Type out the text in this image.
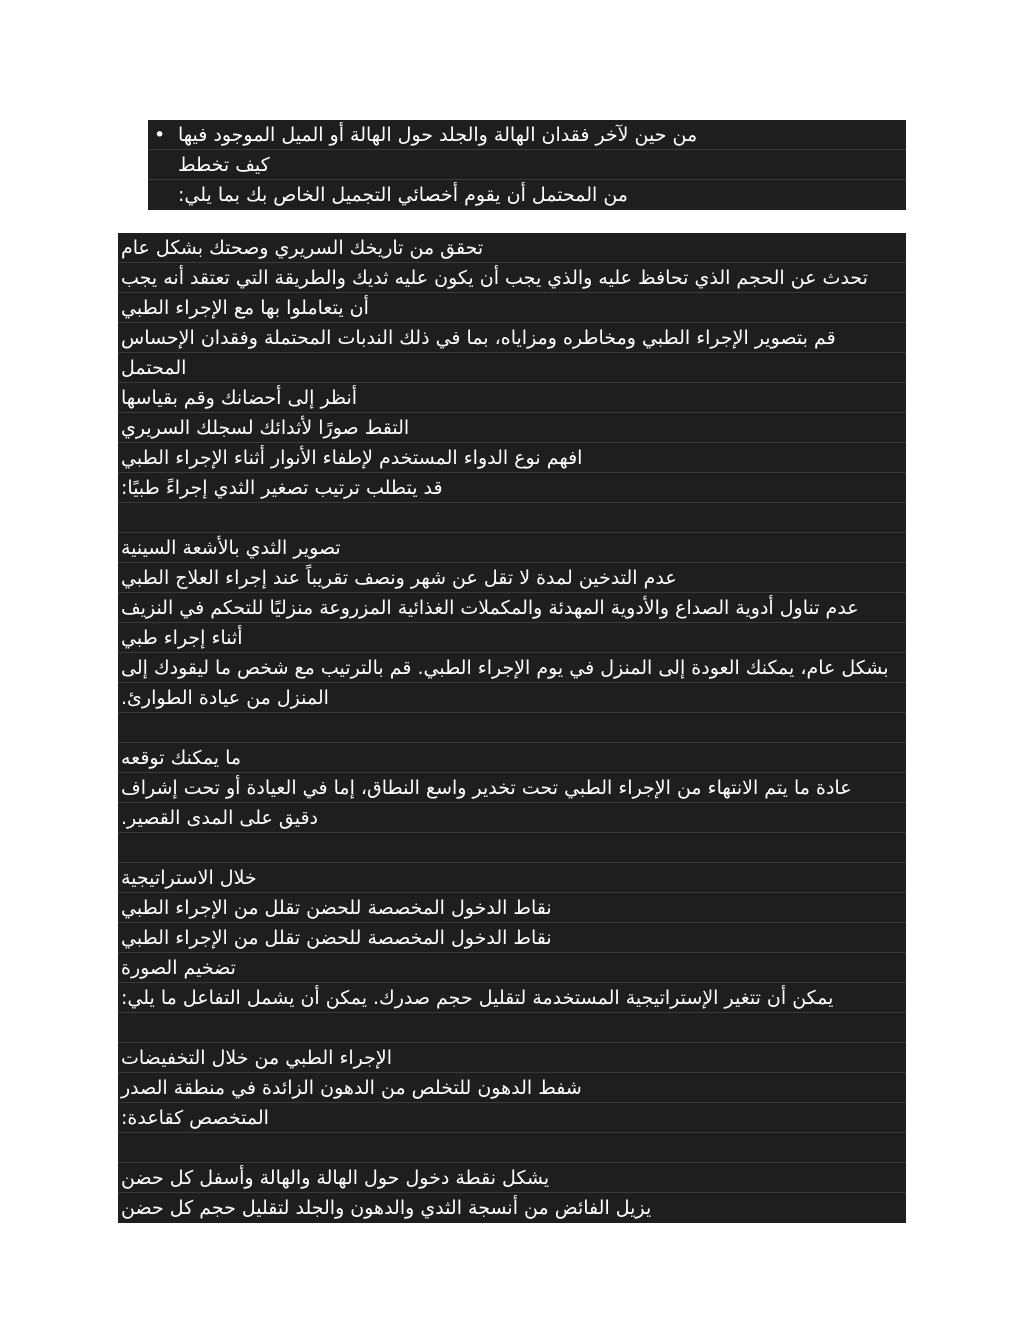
• من حين لآخر فقدان الهالة والجلد حول الهالة أو الميل الموجود فيها
كيف تخطط
من المحتمل أن يقوم أخصائي التجميل الخاص بك بما يلي:
تحقق من تاريخك السريري وصحتك بشكل عام
تحدث عن الحجم الذي تحافظ عليه والذي يجب أن يكون عليه ثديك والطريقة التي تعتقد أنه يجب
أن يتعاملوا بها مع الإجراء الطبي
قم بتصوير الإجراء الطبي ومخاطره ومزاياه، بما في ذلك الندبات المحتملة وفقدان الإحساس
المحتمل
أنظر إلى أحضانك وقم بقياسها
التقط صورًا لأثدائك لسجلك السريري
افهم نوع الدواء المستخدم لإطفاء الأنوار أثناء الإجراء الطبي
قد يتطلب ترتيب تصغير الثدي إجراءً طبيًا:
تصوير الثدي بالأشعة السينية
عدم التدخين لمدة لا تقل عن شهر ونصف تقريباً عند إجراء العلاج الطبي
عدم تناول أدوية الصداع والأدوية المهدئة والمكملات الغذائية المزروعة منزليًا للتحكم في النزيف
أثناء إجراء طبي
بشكل عام، يمكنك العودة إلى المنزل في يوم الإجراء الطبي. قم بالترتيب مع شخص ما ليقودك إلى
المنزل من عيادة الطوارئ.
ما يمكنك توقعه
عادة ما يتم الانتهاء من الإجراء الطبي تحت تخدير واسع النطاق، إما في العيادة أو تحت إشراف
دقيق على المدى القصير.
خلال الاستراتيجية
نقاط الدخول المخصصة للحضن تقلل من الإجراء الطبي
نقاط الدخول المخصصة للحضن تقلل من الإجراء الطبي
تضخيم الصورة
يمكن أن تتغير الإستراتيجية المستخدمة لتقليل حجم صدرك. يمكن أن يشمل التفاعل ما يلي:
الإجراء الطبي من خلال التخفيضات
شفط الدهون للتخلص من الدهون الزائدة في منطقة الصدر
المتخصص كقاعدة:
يشكل نقطة دخول حول الهالة والهالة وأسفل كل حضن
يزيل الفائض من أنسجة الثدي والدهون والجلد لتقليل حجم كل حضن
